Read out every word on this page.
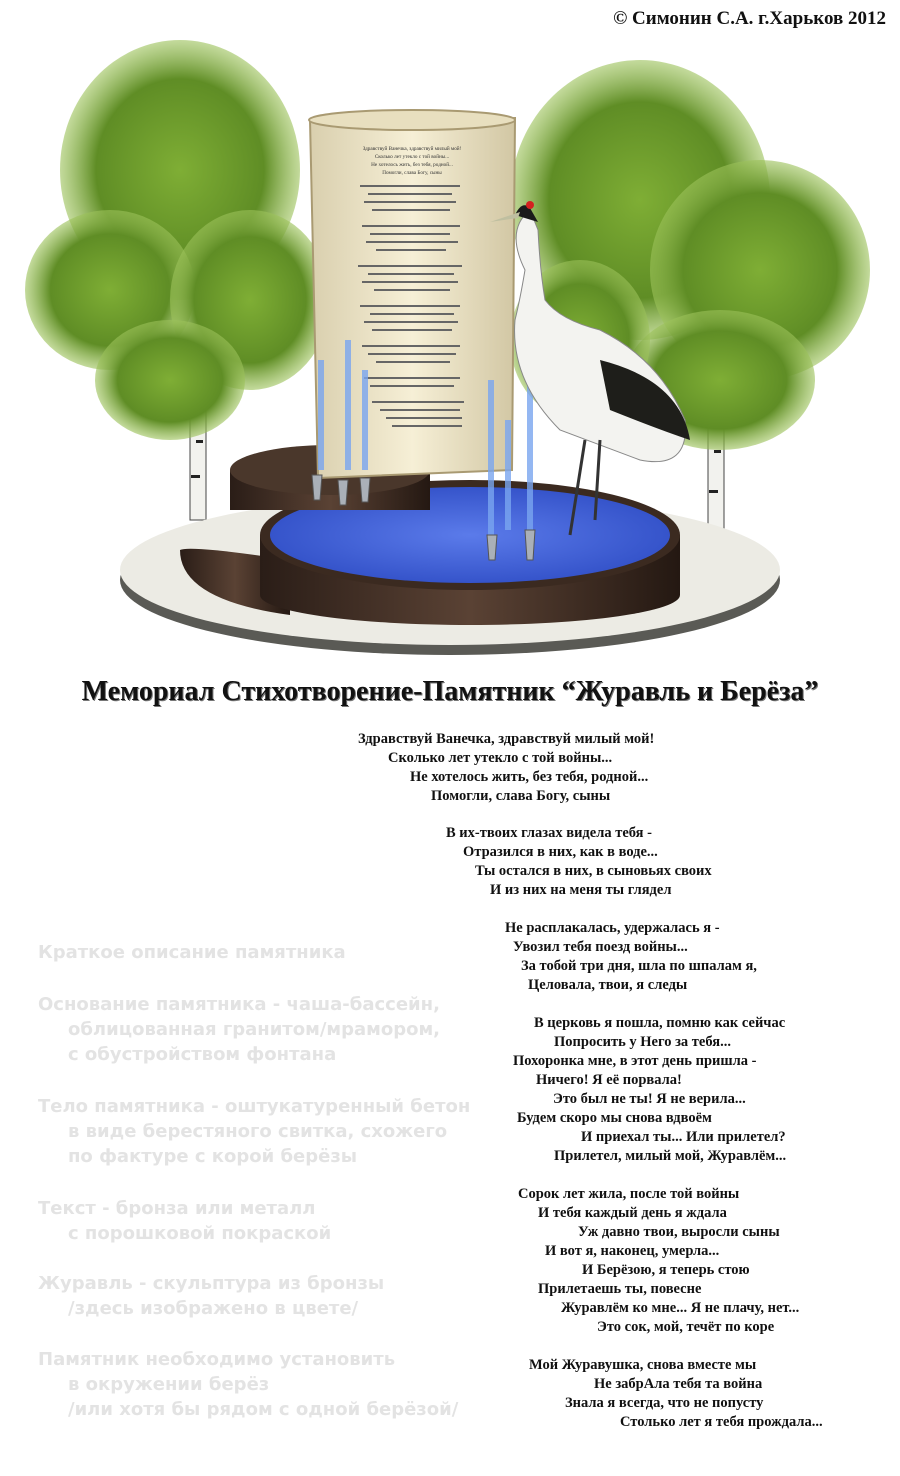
© Симонин С.А. г.Харьков 2012
Здравствуй Ванечка, здравствуй милый мой!
Сколько лет утекло с той войны...
Не хотелось жить, без тебя, родной...
Помогли, слава Богу, сыны
Мемориал Стихотворение-Памятник “Журавль и Берёза”
Здравствуй Ванечка, здравствуй милый мой!
Сколько лет утекло с той войны...
Не хотелось жить, без тебя, родной...
Помогли, слава Богу, сыны
В их-твоих глазах видела тебя -
Отразился в них, как в воде...
Ты остался в них, в сыновьях своих
И из них на меня ты глядел
Не расплакалась, удержалась я -
Увозил тебя поезд войны...
За тобой три дня, шла по шпалам я,
Целовала, твои, я следы
В церковь я пошла, помню как сейчас
Попросить у Него за тебя...
Похоронка мне, в этот день пришла -
Ничего! Я её порвала!
Это был не ты! Я не верила...
Будем скоро мы снова вдвоём
И приехал ты... Или прилетел?
Прилетел, милый мой, Журавлём...
Сорок лет жила, после той войны
И тебя каждый день я ждала
Уж давно твои, выросли сыны
И вот я, наконец, умерла...
И Берёзою, я теперь стою
Прилетаешь ты, повесне
Журавлём ко мне... Я не плачу, нет...
Это сок, мой, течёт по коре
Мой Журавушка, снова вместе мы
Не забрАла тебя та война
Знала я всегда, что не попусту
Столько лет я тебя прождала...
Краткое описание памятника
Основание памятника - чаша-бассейн,
облицованная гранитом/мрамором,
с обустройством фонтана
Тело памятника - оштукатуренный бетон
в виде берестяного свитка, схожего
по фактуре с корой берёзы
Текст - бронза или металл
с порошковой покраской
Журавль - скульптура из бронзы
/здесь изображено в цвете/
Памятник необходимо установить
в окружении берёз
/или хотя бы рядом с одной берёзой/
